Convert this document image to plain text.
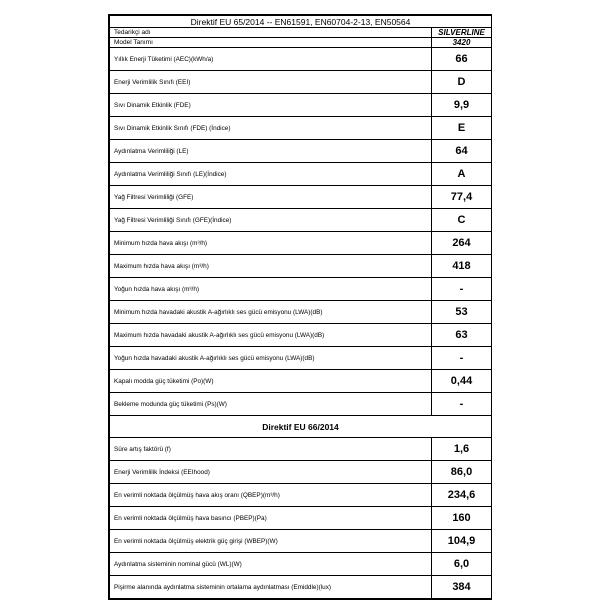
Direktif EU 65/2014 -- EN61591, EN60704-2-13, EN50564	
Tedarikçi adı	SILVERLINE
Model Tanımı	3420
Yıllık Enerji Tüketimi (AEC)(kWh/a)	66
Enerji Verimlilik Sınıfı (EEI)	D
Sıvı Dinamik Etkinlik (FDE)	9,9
Sıvı Dinamik Etkinlik Sınıfı (FDE) (İndice)	E
Aydınlatma Verimliliği (LE)	64
Aydınlatma Verimliliği Sınıfı (LE)(İndice)	A
Yağ Filtresi Verimliliği (GFE)	77,4
Yağ Filtresi Verimliliği Sınıfı (GFE)(İndice)	C
Minimum hızda hava akışı (m³/h)	264
Maximum hızda hava akışı (m³/h)	418
Yoğun hızda hava akışı (m³/h)	-
Minimum hızda havadaki akustik A-ağırlıklı ses gücü emisyonu (LWA)(dB)	53
Maximum hızda havadaki akustik A-ağırlıklı ses gücü emisyonu (LWA)(dB)	63
Yoğun hızda havadaki akustik A-ağırlıklı ses gücü emisyonu (LWA)(dB)	-
Kapalı modda güç tüketimi (Po)(W)	0,44
Bekleme modunda güç tüketimi (Ps)(W)	-
Direktif EU 66/2014	
Süre artış faktörü (f)	1,6
Enerji Verimlilik İndeksi (EEIhood)	86,0
En verimli noktada ölçülmüş hava akış oranı (QBEP)(m³/h)	234,6
En verimli noktada ölçülmüş hava basıncı (PBEP)(Pa)	160
En verimli noktada ölçülmüş elektrik güç girişi (WBEP)(W)	104,9
Aydınlatma sisteminin nominal gücü (WL)(W)	6,0
Pişirme alanında aydınlatma sisteminin ortalama aydınlatması (Emiddle)(lux)	384
